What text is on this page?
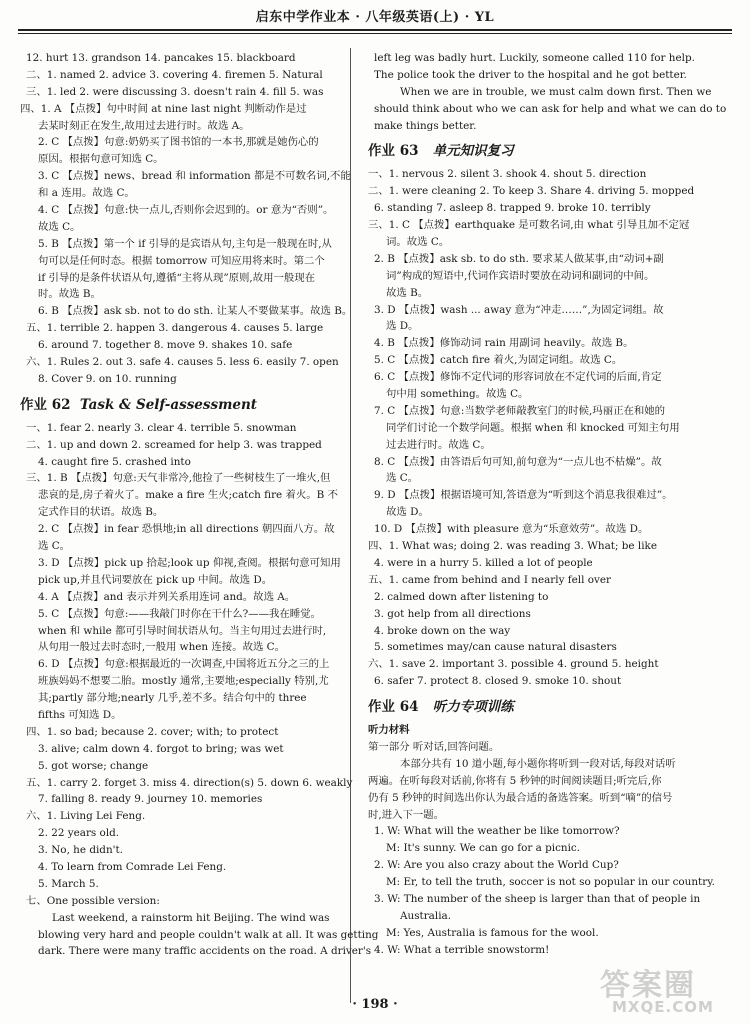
启东中学作业本 · 八年级英语(上) · YL
12. hurt 13. grandson 14. pancakes 15. blackboard
二、1. named 2. advice 3. covering 4. firemen 5. Natural
三、1. led 2. were discussing 3. doesn't rain 4. fill 5. was
四、1. A 【点拨】句中时间 at nine last night 判断动作是过
去某时刻正在发生,故用过去进行时。故选 A。
2. C 【点拨】句意:奶奶买了图书馆的一本书,那就是她伤心的
原因。根据句意可知选 C。
3. C 【点拨】news、bread 和 information 都是不可数名词,不能
和 a 连用。故选 C。
4. C 【点拨】句意:快一点儿,否则你会迟到的。or 意为“否则”。
故选 C。
5. B 【点拨】第一个 if 引导的是宾语从句,主句是一般现在时,从
句可以是任何时态。根据 tomorrow 可知应用将来时。第二个
if 引导的是条件状语从句,遵循“主将从现”原则,故用一般现在
时。故选 B。
6. B 【点拨】ask sb. not to do sth. 让某人不要做某事。故选 B。
五、1. terrible 2. happen 3. dangerous 4. causes 5. large
6. around 7. together 8. move 9. shakes 10. safe
六、1. Rules 2. out 3. safe 4. causes 5. less 6. easily 7. open
8. Cover 9. on 10. running
作业 62 Task & Self-assessment
一、1. fear 2. nearly 3. clear 4. terrible 5. snowman
二、1. up and down 2. screamed for help 3. was trapped
4. caught fire 5. crashed into
三、1. B 【点拨】句意:天气非常冷,他捡了一些树枝生了一堆火,但
悲哀的是,房子着火了。make a fire 生火;catch fire 着火。B 不
定式作目的状语。故选 B。
2. C 【点拨】in fear 恐惧地;in all directions 朝四面八方。故
选 C。
3. D 【点拨】pick up 拾起;look up 仰视,查阅。根据句意可知用
pick up,并且代词要放在 pick up 中间。故选 D。
4. A 【点拨】and 表示并列关系用连词 and。故选 A。
5. C 【点拨】句意:——我敲门时你在干什么?——我在睡觉。
when 和 while 都可引导时间状语从句。当主句用过去进行时,
从句用一般过去时态时,一般用 when 连接。故选 C。
6. D 【点拨】句意:根据最近的一次调查,中国将近五分之三的上
班族妈妈不想要二胎。mostly 通常,主要地;especially 特别,尤
其;partly 部分地;nearly 几乎,差不多。结合句中的 three
fifths 可知选 D。
四、1. so bad; because 2. cover; with; to protect
3. alive; calm down 4. forgot to bring; was wet
5. got worse; change
五、1. carry 2. forget 3. miss 4. direction(s) 5. down 6. weakly
7. falling 8. ready 9. journey 10. memories
六、1. Living Lei Feng.
2. 22 years old.
3. No, he didn't.
4. To learn from Comrade Lei Feng.
5. March 5.
七、One possible version:
Last weekend, a rainstorm hit Beijing. The wind was
blowing very hard and people couldn't walk at all. It was getting
dark. There were many traffic accidents on the road. A driver's
left leg was badly hurt. Luckily, someone called 110 for help.
The police took the driver to the hospital and he got better.
When we are in trouble, we must calm down first. Then we
should think about who we can ask for help and what we can do to
make things better.
作业 63 单元知识复习
一、1. nervous 2. silent 3. shook 4. shout 5. direction
二、1. were cleaning 2. To keep 3. Share 4. driving 5. mopped
6. standing 7. asleep 8. trapped 9. broke 10. terribly
三、1. C 【点拨】earthquake 是可数名词,由 what 引导且加不定冠
词。故选 C。
2. B 【点拨】ask sb. to do sth. 要求某人做某事,由“动词+副
词”构成的短语中,代词作宾语时要放在动词和副词的中间。
故选 B。
3. D 【点拨】wash ... away 意为“冲走……”,为固定词组。故
选 D。
4. B 【点拨】修饰动词 rain 用副词 heavily。故选 B。
5. C 【点拨】catch fire 着火,为固定词组。故选 C。
6. C 【点拨】修饰不定代词的形容词放在不定代词的后面,肯定
句中用 something。故选 C。
7. C 【点拨】句意:当数学老师敲教室门的时候,玛丽正在和她的
同学们讨论一个数学问题。根据 when 和 knocked 可知主句用
过去进行时。故选 C。
8. C 【点拨】由答语后句可知,前句意为“一点儿也不枯燥”。故
选 C。
9. D 【点拨】根据语境可知,答语意为“听到这个消息我很难过”。
故选 D。
10. D 【点拨】with pleasure 意为“乐意效劳”。故选 D。
四、1. What was; doing 2. was reading 3. What; be like
4. were in a hurry 5. killed a lot of people
五、1. came from behind and I nearly fell over
2. calmed down after listening to
3. got help from all directions
4. broke down on the way
5. sometimes may/can cause natural disasters
六、1. save 2. important 3. possible 4. ground 5. height
6. safer 7. protect 8. closed 9. smoke 10. shout
作业 64 听力专项训练
听力材料
第一部分 听对话,回答问题。
本部分共有 10 道小题,每小题你将听到一段对话,每段对话听
两遍。在听每段对话前,你将有 5 秒钟的时间阅读题目;听完后,你
仍有 5 秒钟的时间选出你认为最合适的备选答案。听到“嘀”的信号
时,进入下一题。
1. W: What will the weather be like tomorrow?
M: It's sunny. We can go for a picnic.
2. W: Are you also crazy about the World Cup?
M: Er, to tell the truth, soccer is not so popular in our country.
3. W: The number of the sheep is larger than that of people in
Australia.
M: Yes, Australia is famous for the wool.
4. W: What a terrible snowstorm!
· 198 ·
答案圈
MXQE.COM
